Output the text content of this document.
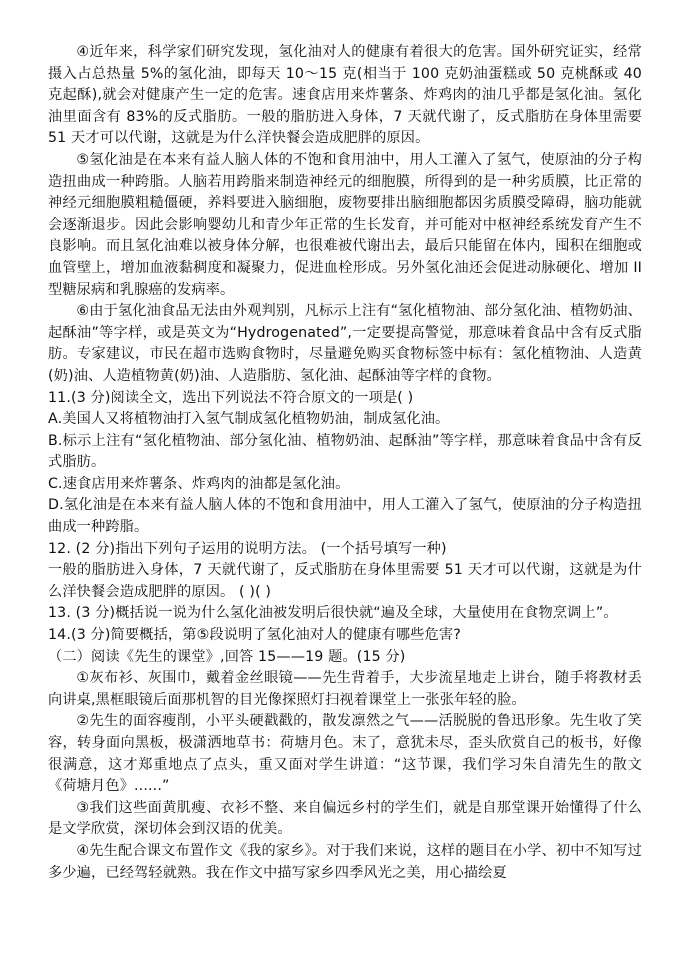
④近年来，科学家们研究发现，氢化油对人的健康有着很大的危害。国外研究证实，经常摄入占总热量 5%的氢化油，即每天 10～15 克(相当于 100 克奶油蛋糕或 50 克桃酥或 40 克起酥),就会对健康产生一定的危害。速食店用来炸薯条、炸鸡肉的油几乎都是氢化油。氢化油里面含有 83%的反式脂肪。一般的脂肪进入身体，7 天就代谢了，反式脂肪在身体里需要 51 天才可以代谢，这就是为什么洋快餐会造成肥胖的原因。

⑤氢化油是在本来有益人脑人体的不饱和食用油中，用人工灌入了氢气，使原油的分子构造扭曲成一种跨脂。人脑若用跨脂来制造神经元的细胞膜，所得到的是一种劣质膜，比正常的神经元细胞膜粗糙僵硬，养料要进入脑细胞，废物要排出脑细胞都因劣质膜受障碍，脑功能就会逐渐退步。因此会影响婴幼儿和青少年正常的生长发育，并可能对中枢神经系统发育产生不良影响。而且氢化油难以被身体分解，也很难被代谢出去，最后只能留在体内，囤积在细胞或血管壁上，增加血液黏稠度和凝聚力，促进血栓形成。另外氢化油还会促进动脉硬化、增加 II 型糖尿病和乳腺癌的发病率。

⑥由于氢化油食品无法由外观判别，凡标示上注有“氢化植物油、部分氢化油、植物奶油、起酥油”等字样，或是英文为“Hydrogenated”,一定要提高警觉，那意味着食品中含有反式脂肪。专家建议，市民在超市选购食物时，尽量避免购买食物标签中标有：氢化植物油、人造黄(奶)油、人造植物黄(奶)油、人造脂肪、氢化油、起酥油等字样的食物。

11.(3 分)阅读全文，选出下列说法不符合原文的一项是( )

A.美国人又将植物油打入氢气制成氢化植物奶油，制成氢化油。

B.标示上注有“氢化植物油、部分氢化油、植物奶油、起酥油”等字样，那意味着食品中含有反式脂肪。

C.速食店用来炸薯条、炸鸡肉的油都是氢化油。

D.氢化油是在本来有益人脑人体的不饱和食用油中，用人工灌入了氢气，使原油的分子构造扭曲成一种跨脂。

12. (2 分)指出下列句子运用的说明方法。 (一个括号填写一种)

一般的脂肪进入身体，7 天就代谢了，反式脂肪在身体里需要 51 天才可以代谢，这就是为什么洋快餐会造成肥胖的原因。 ( )( )

13. (3 分)概括说一说为什么氢化油被发明后很快就“遍及全球，大量使用在食物烹调上”。

14.(3 分)简要概括，第⑤段说明了氢化油对人的健康有哪些危害?

（二）阅读《先生的课堂》,回答 15——19 题。(15 分)

①灰布衫、灰围巾，戴着金丝眼镜——先生背着手，大步流星地走上讲台，随手将教材丢向讲桌,黑框眼镜后面那机智的目光像探照灯扫视着课堂上一张张年轻的脸。

②先生的面容瘦削，小平头硬戳戳的，散发凛然之气——活脱脱的鲁迅形象。先生收了笑容，转身面向黑板，极潇洒地草书：荷塘月色。末了，意犹未尽，歪头欣赏自己的板书，好像很满意，这才郑重地点了点头，重又面对学生讲道：“这节课，我们学习朱自清先生的散文《荷塘月色》......”

③我们这些面黄肌瘦、衣衫不整、来自偏远乡村的学生们，就是自那堂课开始懂得了什么是文学欣赏，深切体会到汉语的优美。

④先生配合课文布置作文《我的家乡》。对于我们来说，这样的题目在小学、初中不知写过多少遍，已经驾轻就熟。我在作文中描写家乡四季风光之美，用心描绘夏
